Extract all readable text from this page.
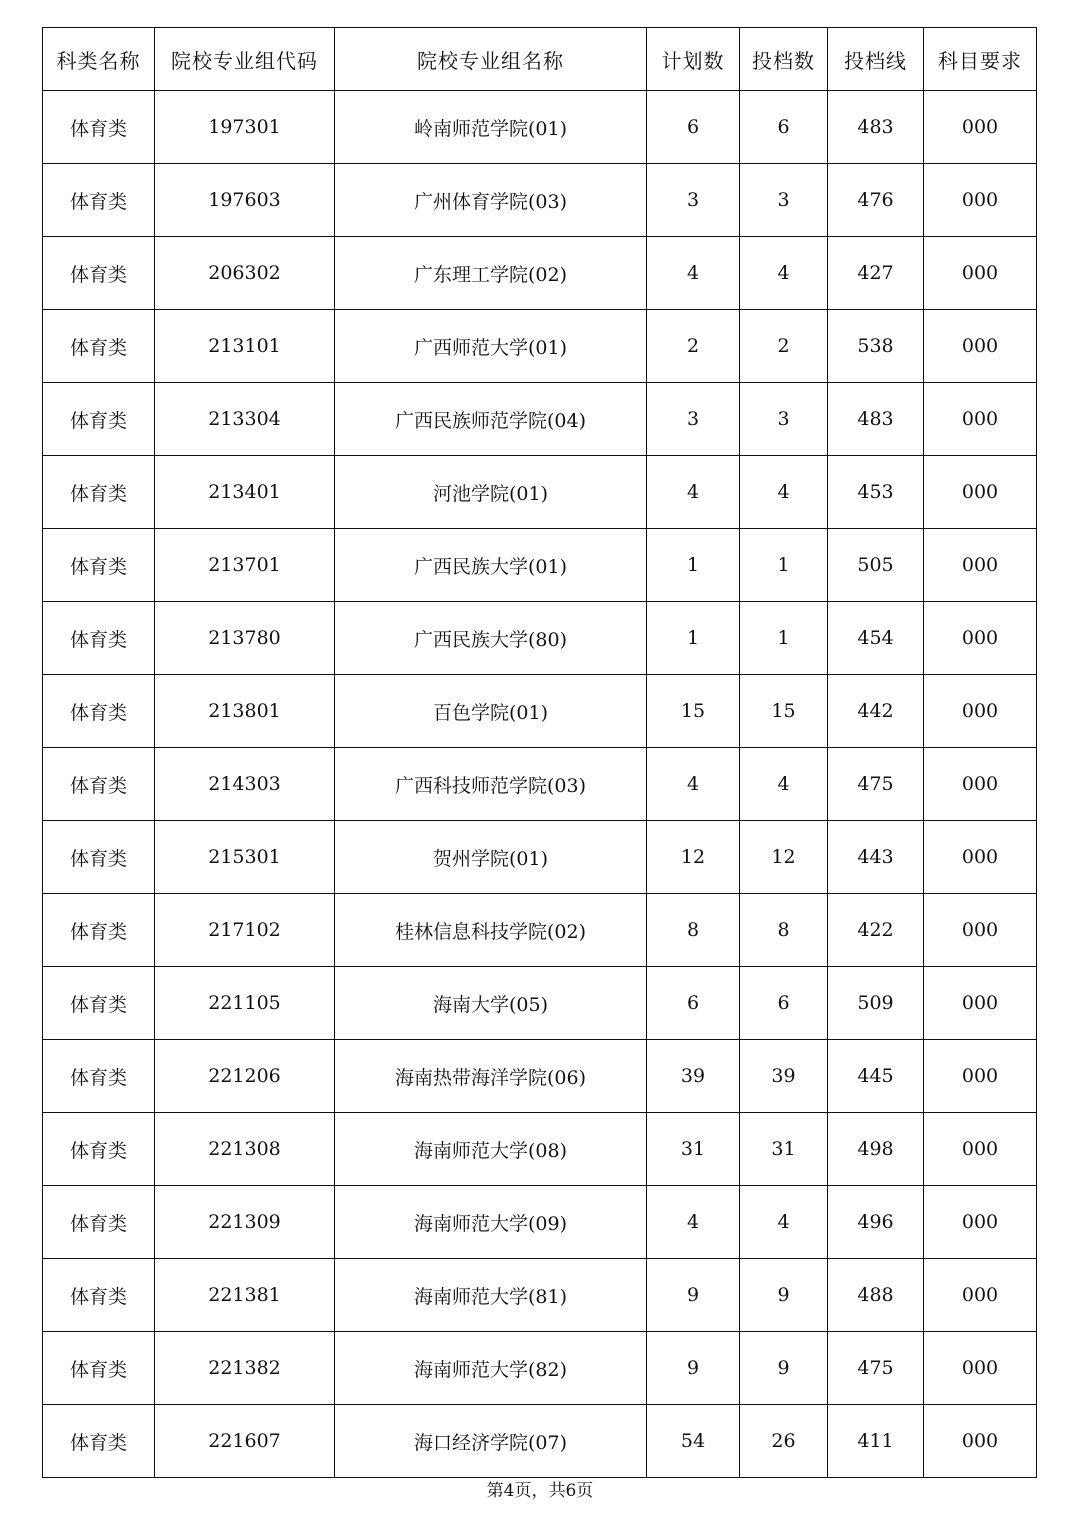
科类名称	院校专业组代码	院校专业组名称	计划数	投档数	投档线	科目要求
体育类	197301	岭南师范学院(01)	6	6	483	000
体育类	197603	广州体育学院(03)	3	3	476	000
体育类	206302	广东理工学院(02)	4	4	427	000
体育类	213101	广西师范大学(01)	2	2	538	000
体育类	213304	广西民族师范学院(04)	3	3	483	000
体育类	213401	河池学院(01)	4	4	453	000
体育类	213701	广西民族大学(01)	1	1	505	000
体育类	213780	广西民族大学(80)	1	1	454	000
体育类	213801	百色学院(01)	15	15	442	000
体育类	214303	广西科技师范学院(03)	4	4	475	000
体育类	215301	贺州学院(01)	12	12	443	000
体育类	217102	桂林信息科技学院(02)	8	8	422	000
体育类	221105	海南大学(05)	6	6	509	000
体育类	221206	海南热带海洋学院(06)	39	39	445	000
体育类	221308	海南师范大学(08)	31	31	498	000
体育类	221309	海南师范大学(09)	4	4	496	000
体育类	221381	海南师范大学(81)	9	9	488	000
体育类	221382	海南师范大学(82)	9	9	475	000
体育类	221607	海口经济学院(07)	54	26	411	000
第4页，共6页
